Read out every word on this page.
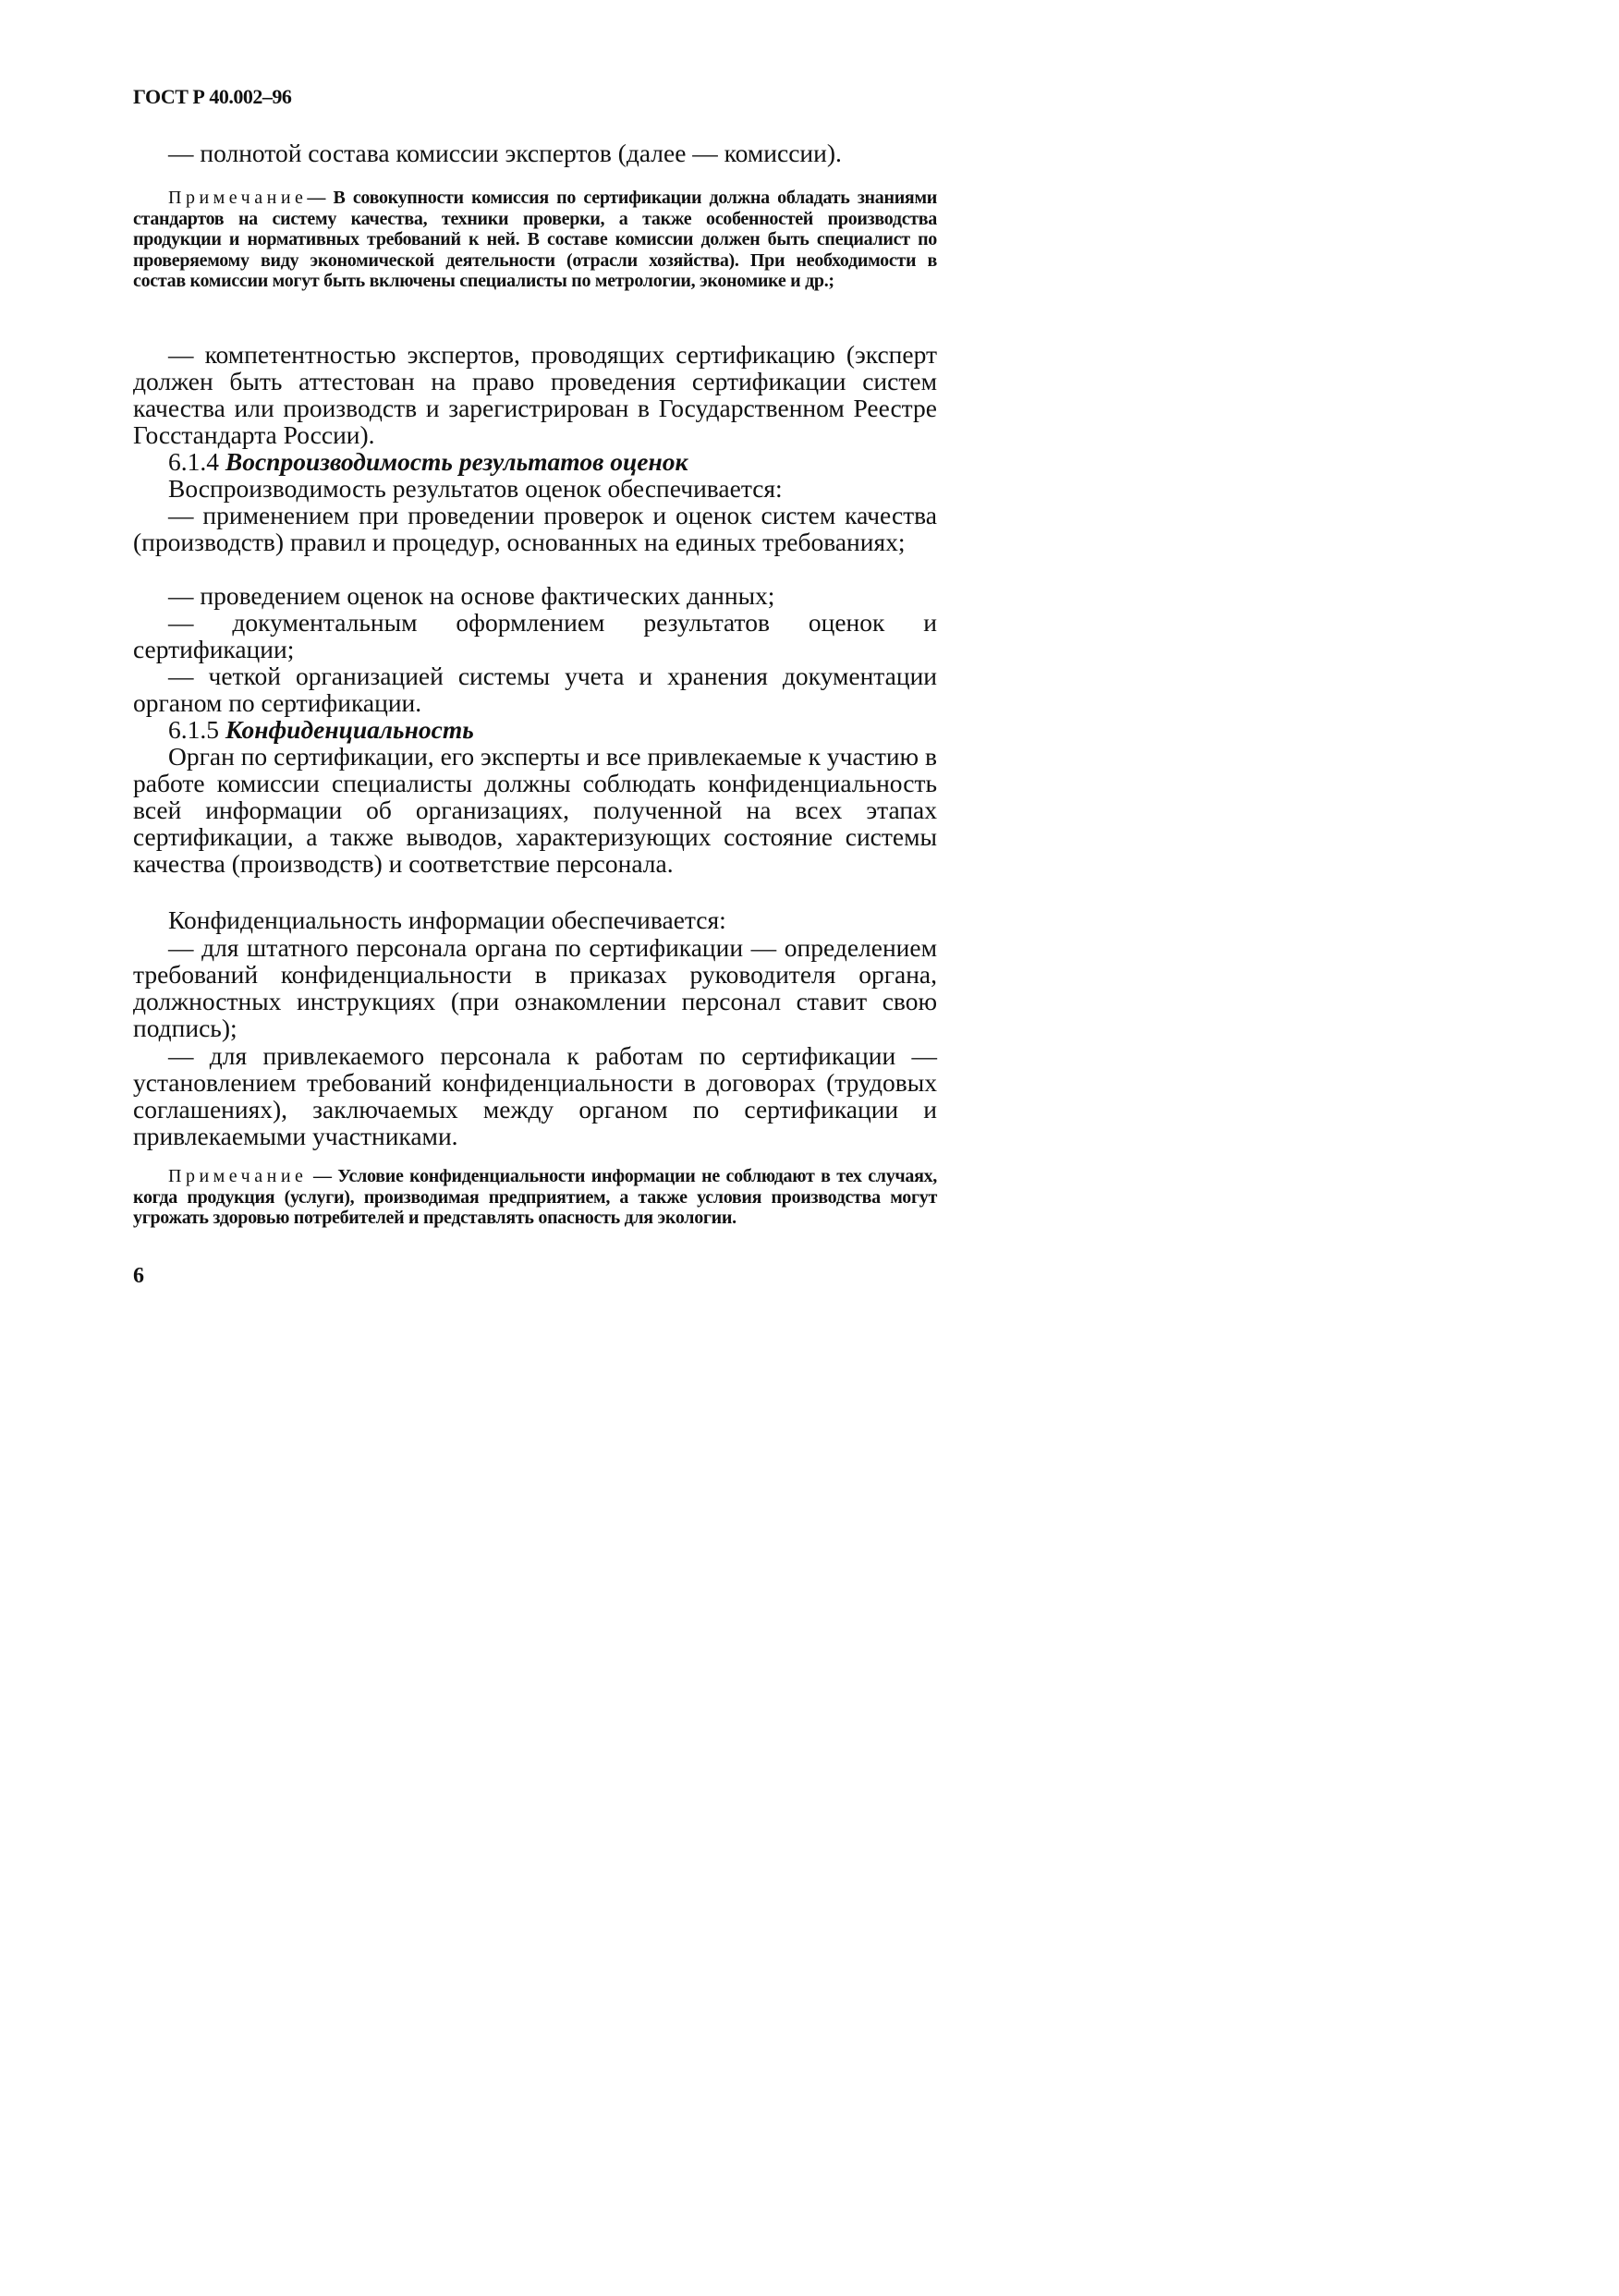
ГОСТ Р 40.002–96

— полнотой состава комиссии экспертов (далее — комиссии).

Примечание— В совокупности комиссия по сертификации должна обладать знаниями стандартов на систему качества, техники проверки, а также особенностей производства продукции и нормативных требований к ней. В составе комиссии должен быть специалист по проверяемому виду экономической деятельности (отрасли хозяйства). При необходимости в состав комиссии могут быть включены специалисты по метрологии, экономике и др.;

— компетентностью экспертов, проводящих сертификацию (эксперт должен быть аттестован на право проведения сертификации систем качества или производств и зарегистрирован в Государственном Реестре Госстандарта России).

6.1.4 Воспроизводимость результатов оценок

Воспроизводимость результатов оценок обеспечивается:

— применением при проведении проверок и оценок систем качества (производств) правил и процедур, основанных на единых требованиях;

— проведением оценок на основе фактических данных;

— документальным оформлением результатов оценок и сертификации;

— четкой организацией системы учета и хранения документации органом по сертификации.

6.1.5 Конфиденциальность

Орган по сертификации, его эксперты и все привлекаемые к участию в работе комиссии специалисты должны соблюдать конфиденциальность всей информации об организациях, полученной на всех этапах сертификации, а также выводов, характеризующих состояние системы качества (производств) и соответствие персонала.

Конфиденциальность информации обеспечивается:

— для штатного персонала органа по сертификации — определением требований конфиденциальности в приказах руководителя органа, должностных инструкциях (при ознакомлении персонал ставит свою подпись);

— для привлекаемого персонала к работам по сертификации — установлением требований конфиденциальности в договорах (трудовых соглашениях), заключаемых между органом по сертификации и привлекаемыми участниками.

Примечание — Условие конфиденциальности информации не соблюдают в тех случаях, когда продукция (услуги), производимая предприятием, а также условия производства могут угрожать здоровью потребителей и представлять опасность для экологии.

6
